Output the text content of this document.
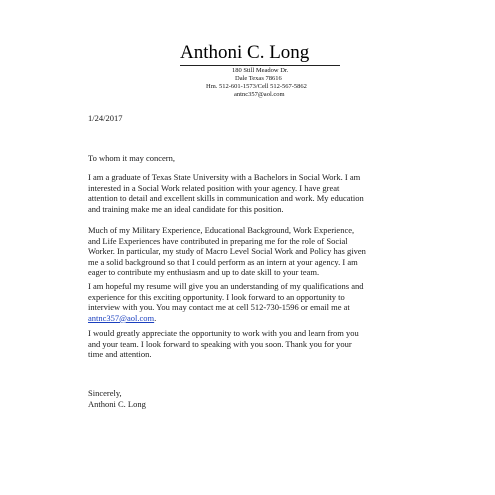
Anthoni C. Long
180 Still Meadow Dr.
Dale Texas 78616
Hm. 512-601-1573/Cell 512-567-5862
antnc357@aol.com
1/24/2017
To whom it may concern,
I am a graduate of Texas State University with a Bachelors in Social Work. I am
interested in a Social Work related position with your agency. I have great
attention to detail and excellent skills in communication and work. My education
and training make me an ideal candidate for this position.
Much of my Military Experience, Educational Background, Work Experience,
and Life Experiences have contributed in preparing me for the role of Social
Worker. In particular, my study of Macro Level Social Work and Policy has given
me a solid background so that I could perform as an intern at your agency. I am
eager to contribute my enthusiasm and up to date skill to your team.
I am hopeful my resume will give you an understanding of my qualifications and
experience for this exciting opportunity. I look forward to an opportunity to
interview with you. You may contact me at cell 512-730-1596 or email me at
antnc357@aol.com.
I would greatly appreciate the opportunity to work with you and learn from you
and your team. I look forward to speaking with you soon. Thank you for your
time and attention.
Sincerely,
Anthoni C. Long
